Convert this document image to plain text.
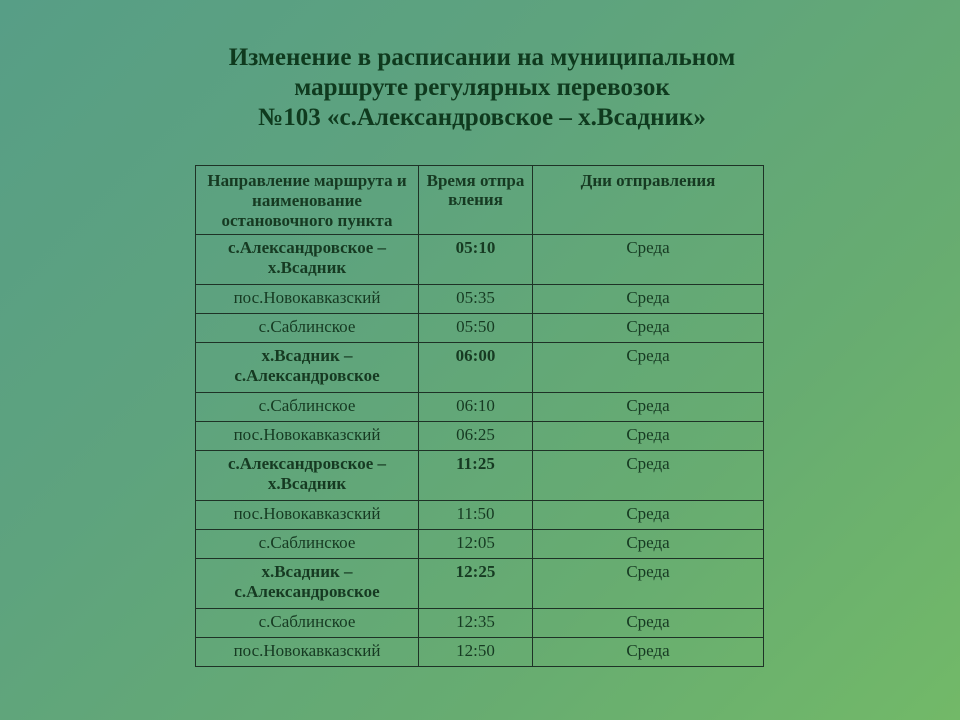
Изменение в расписании на муниципальном
маршруте регулярных перевозок
№103 «с.Александровское – х.Всадник»
Направление маршрута и наименование остановочного пункта	Время отправления	Дни отправления
с.Александровское – х.Всадник	05:10	Среда
пос.Новокавказский	05:35	Среда
с.Саблинское	05:50	Среда
х.Всадник – с.Александровское	06:00	Среда
с.Саблинское	06:10	Среда
пос.Новокавказский	06:25	Среда
с.Александровское – х.Всадник	11:25	Среда
пос.Новокавказский	11:50	Среда
с.Саблинское	12:05	Среда
х.Всадник – с.Александровское	12:25	Среда
с.Саблинское	12:35	Среда
пос.Новокавказский	12:50	Среда
